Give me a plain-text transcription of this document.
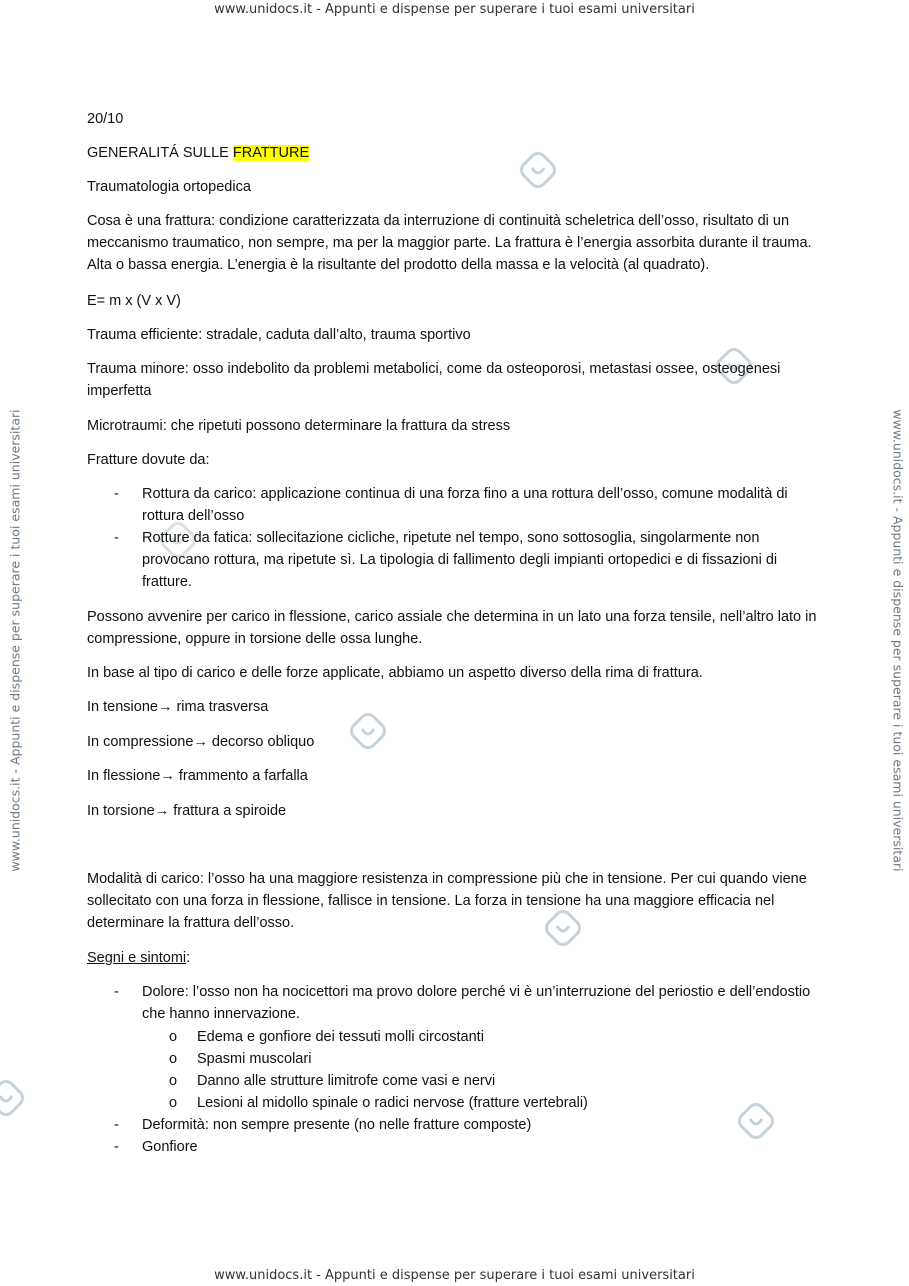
www.unidocs.it - Appunti e dispense per superare i tuoi esami universitari
www.unidocs.it - Appunti e dispense per superare i tuoi esami universitari
www.unidocs.it - Appunti e dispense per superare i tuoi esami universitari	www.unidocs.it - Appunti e dispense per superare i tuoi esami universitari
20/10
GENERALITÁ SULLE FRATTURE
Traumatologia ortopedica
Cosa è una frattura: condizione caratterizzata da interruzione di continuità scheletrica dell’osso, risultato di un meccanismo traumatico, non sempre, ma per la maggior parte. La frattura è l’energia assorbita durante il trauma. Alta o bassa energia. L’energia è la risultante del prodotto della massa e la velocità (al quadrato).
E= m x (V x V)
Trauma efficiente: stradale, caduta dall’alto, trauma sportivo
Trauma minore: osso indebolito da problemi metabolici, come da osteoporosi, metastasi ossee, osteogenesi imperfetta
Microtraumi: che ripetuti possono determinare la frattura da stress
Fratture dovute da:
- Rottura da carico: applicazione continua di una forza fino a una rottura dell’osso, comune modalità di rottura dell’osso
- Rotture da fatica: sollecitazione cicliche, ripetute nel tempo, sono sottosoglia, singolarmente non provocano rottura, ma ripetute sì. La tipologia di fallimento degli impianti ortopedici e di fissazioni di fratture.
Possono avvenire per carico in flessione, carico assiale che determina in un lato una forza tensile, nell’altro lato in compressione, oppure in torsione delle ossa lunghe.
In base al tipo di carico e delle forze applicate, abbiamo un aspetto diverso della rima di frattura.
In tensione→ rima trasversa
In compressione→ decorso obliquo
In flessione→ frammento a farfalla
In torsione→ frattura a spiroide
Modalità di carico: l’osso ha una maggiore resistenza in compressione più che in tensione. Per cui quando viene sollecitato con una forza in flessione, fallisce in tensione. La forza in tensione ha una maggiore efficacia nel determinare la frattura dell’osso.
Segni e sintomi:
- Dolore: l’osso non ha nocicettori ma provo dolore perché vi è un’interruzione del periostio e dell’endostio che hanno innervazione.
o Edema e gonfiore dei tessuti molli circostanti
o Spasmi muscolari
o Danno alle strutture limitrofe come vasi e nervi
o Lesioni al midollo spinale o radici nervose (fratture vertebrali)
- Deformità: non sempre presente (no nelle fratture composte)
- Gonfiore
